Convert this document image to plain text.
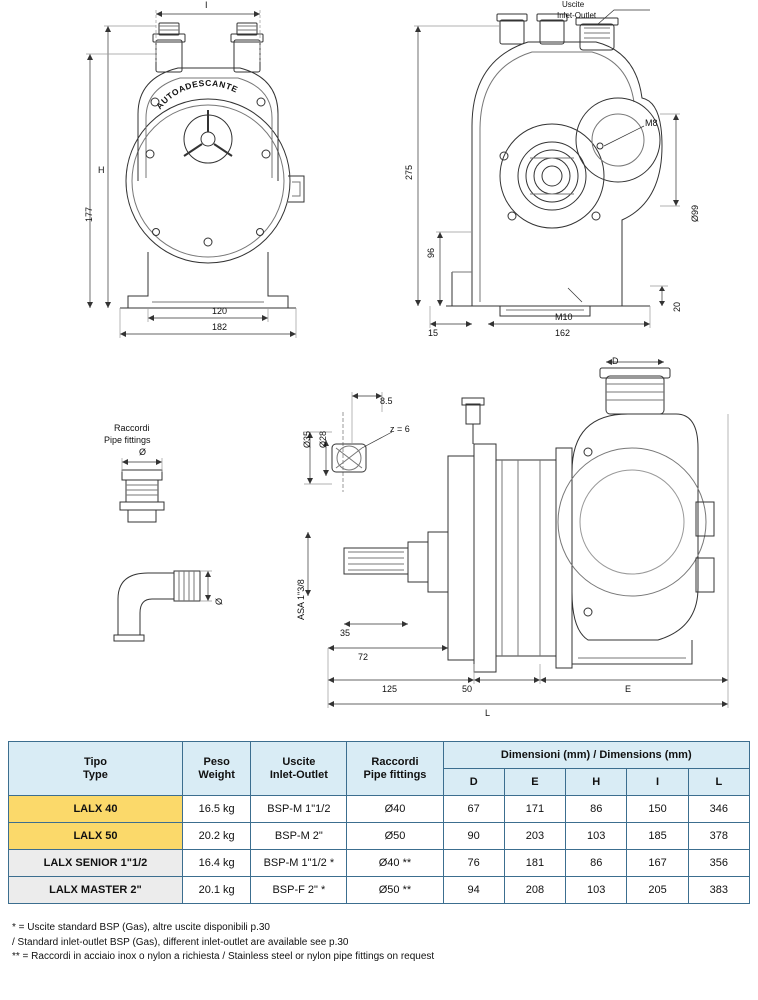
AUTOADESCANTE
I
H
177
120
182
Uscite
Inlet-Outlet
M8
Ø99
275
96
20
M10
15	162
Raccordi
Pipe fittings
Ø
Ø
8.5
Ø35 Ø28
z = 6
ASA 1"3/8
35
72
125	50	E
L
D
Tipo
Type

Peso
Weight

Uscite
Inlet-Outlet

Raccordi
Pipe fittings
	Dimensioni (mm) / Dimensions (mm)
				D	E	H	I	L
LALX 40	16.5 kg	BSP-M 1"1/2	Ø40	67	171	86	150	346
LALX 50	20.2 kg	BSP-M 2"	Ø50	90	203	103	185	378
LALX SENIOR 1"1/2	16.4 kg	BSP-M 1"1/2 *	Ø40 **	76	181	86	167	356
LALX MASTER 2"	20.1 kg	BSP-F 2" *	Ø50 **	94	208	103	205	383
* = Uscite standard BSP (Gas), altre uscite disponibili p.30
/ Standard inlet-outlet BSP (Gas), different inlet-outlet are available see p.30
** = Raccordi in acciaio inox o nylon a richiesta / Stainless steel or nylon pipe fittings on request
